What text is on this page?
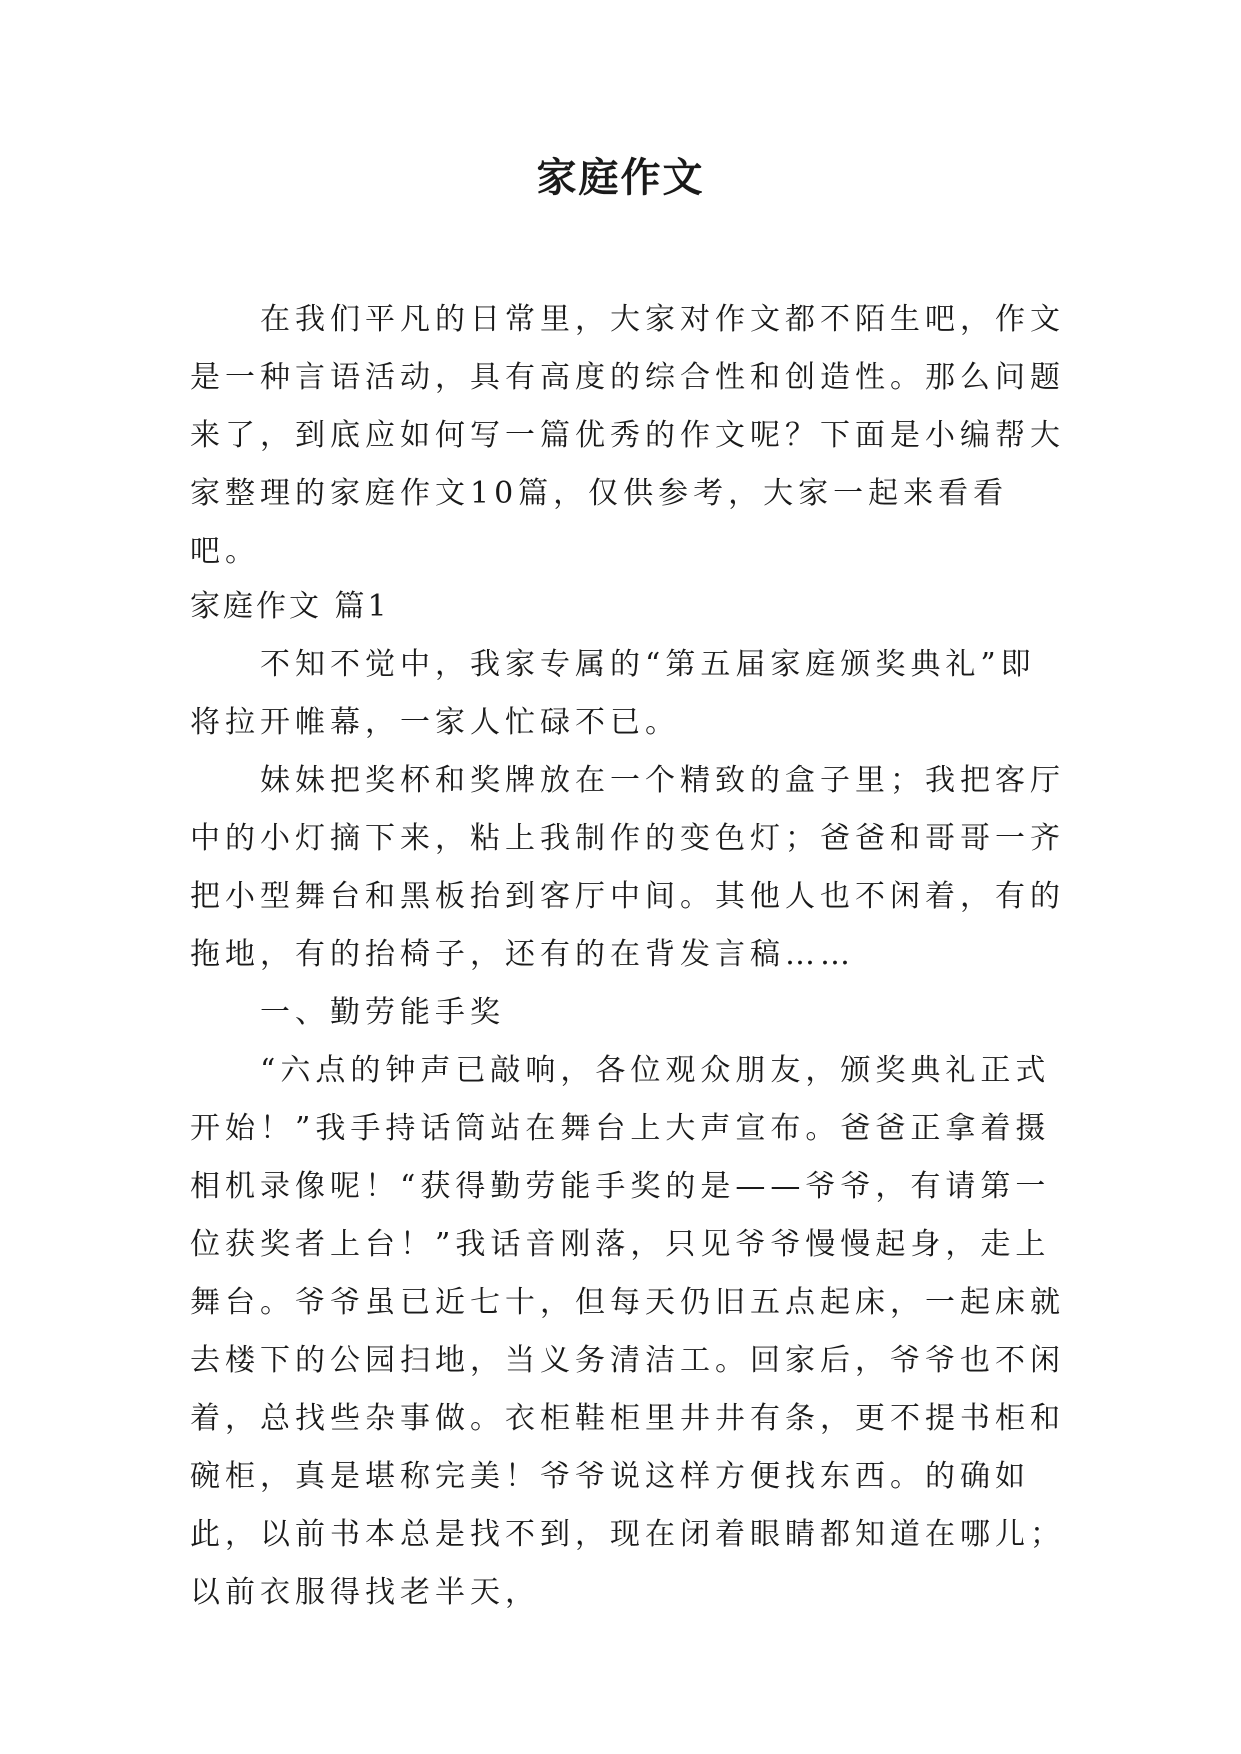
家庭作文

在我们平凡的日常里，大家对作文都不陌生吧，作文是一种言语活动，具有高度的综合性和创造性。那么问题来了，到底应如何写一篇优秀的作文呢？下面是小编帮大家整理的家庭作文10篇，仅供参考，大家一起来看看吧。

家庭作文 篇1

不知不觉中，我家专属的“第五届家庭颁奖典礼”即将拉开帷幕，一家人忙碌不已。

妹妹把奖杯和奖牌放在一个精致的盒子里；我把客厅中的小灯摘下来，粘上我制作的变色灯；爸爸和哥哥一齐把小型舞台和黑板抬到客厅中间。其他人也不闲着，有的拖地，有的抬椅子，还有的在背发言稿……

一、勤劳能手奖

“六点的钟声已敲响，各位观众朋友，颁奖典礼正式开始！”我手持话筒站在舞台上大声宣布。爸爸正拿着摄相机录像呢！“获得勤劳能手奖的是——爷爷，有请第一位获奖者上台！”我话音刚落，只见爷爷慢慢起身，走上舞台。爷爷虽已近七十，但每天仍旧五点起床，一起床就去楼下的公园扫地，当义务清洁工。回家后，爷爷也不闲着，总找些杂事做。衣柜鞋柜里井井有条，更不提书柜和碗柜，真是堪称完美！爷爷说这样方便找东西。的确如此，以前书本总是找不到，现在闭着眼睛都知道在哪儿；以前衣服得找老半天，
